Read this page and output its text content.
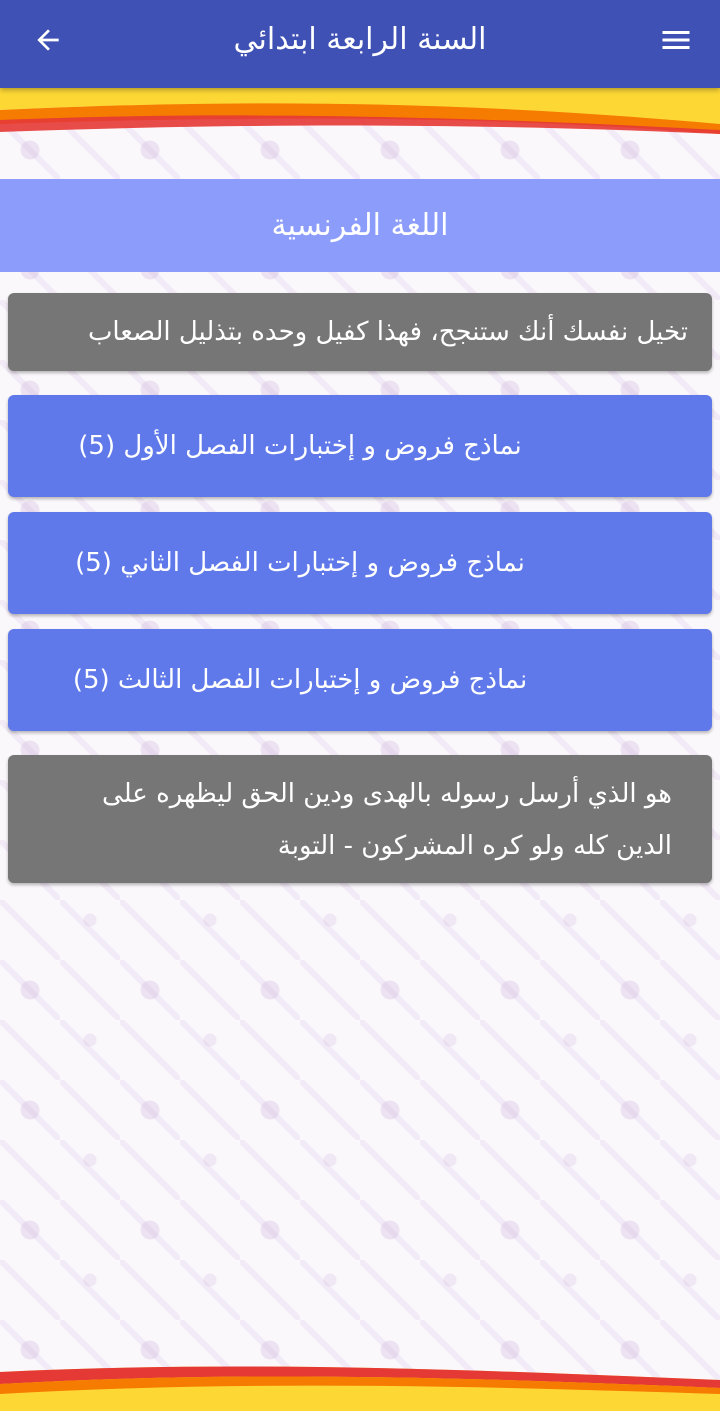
السنة الرابعة ابتدائي
اللغة الفرنسية
تخيل نفسك أنك ستنجح، فهذا كفيل وحده بتذليل الصعاب
نماذج فروض و إختبارات الفصل الأول (5)
نماذج فروض و إختبارات الفصل الثاني (5)
نماذج فروض و إختبارات الفصل الثالث (5)
هو الذي أرسل رسوله بالهدى ودين الحق ليظهره على الدين كله ولو كره المشركون - التوبة
